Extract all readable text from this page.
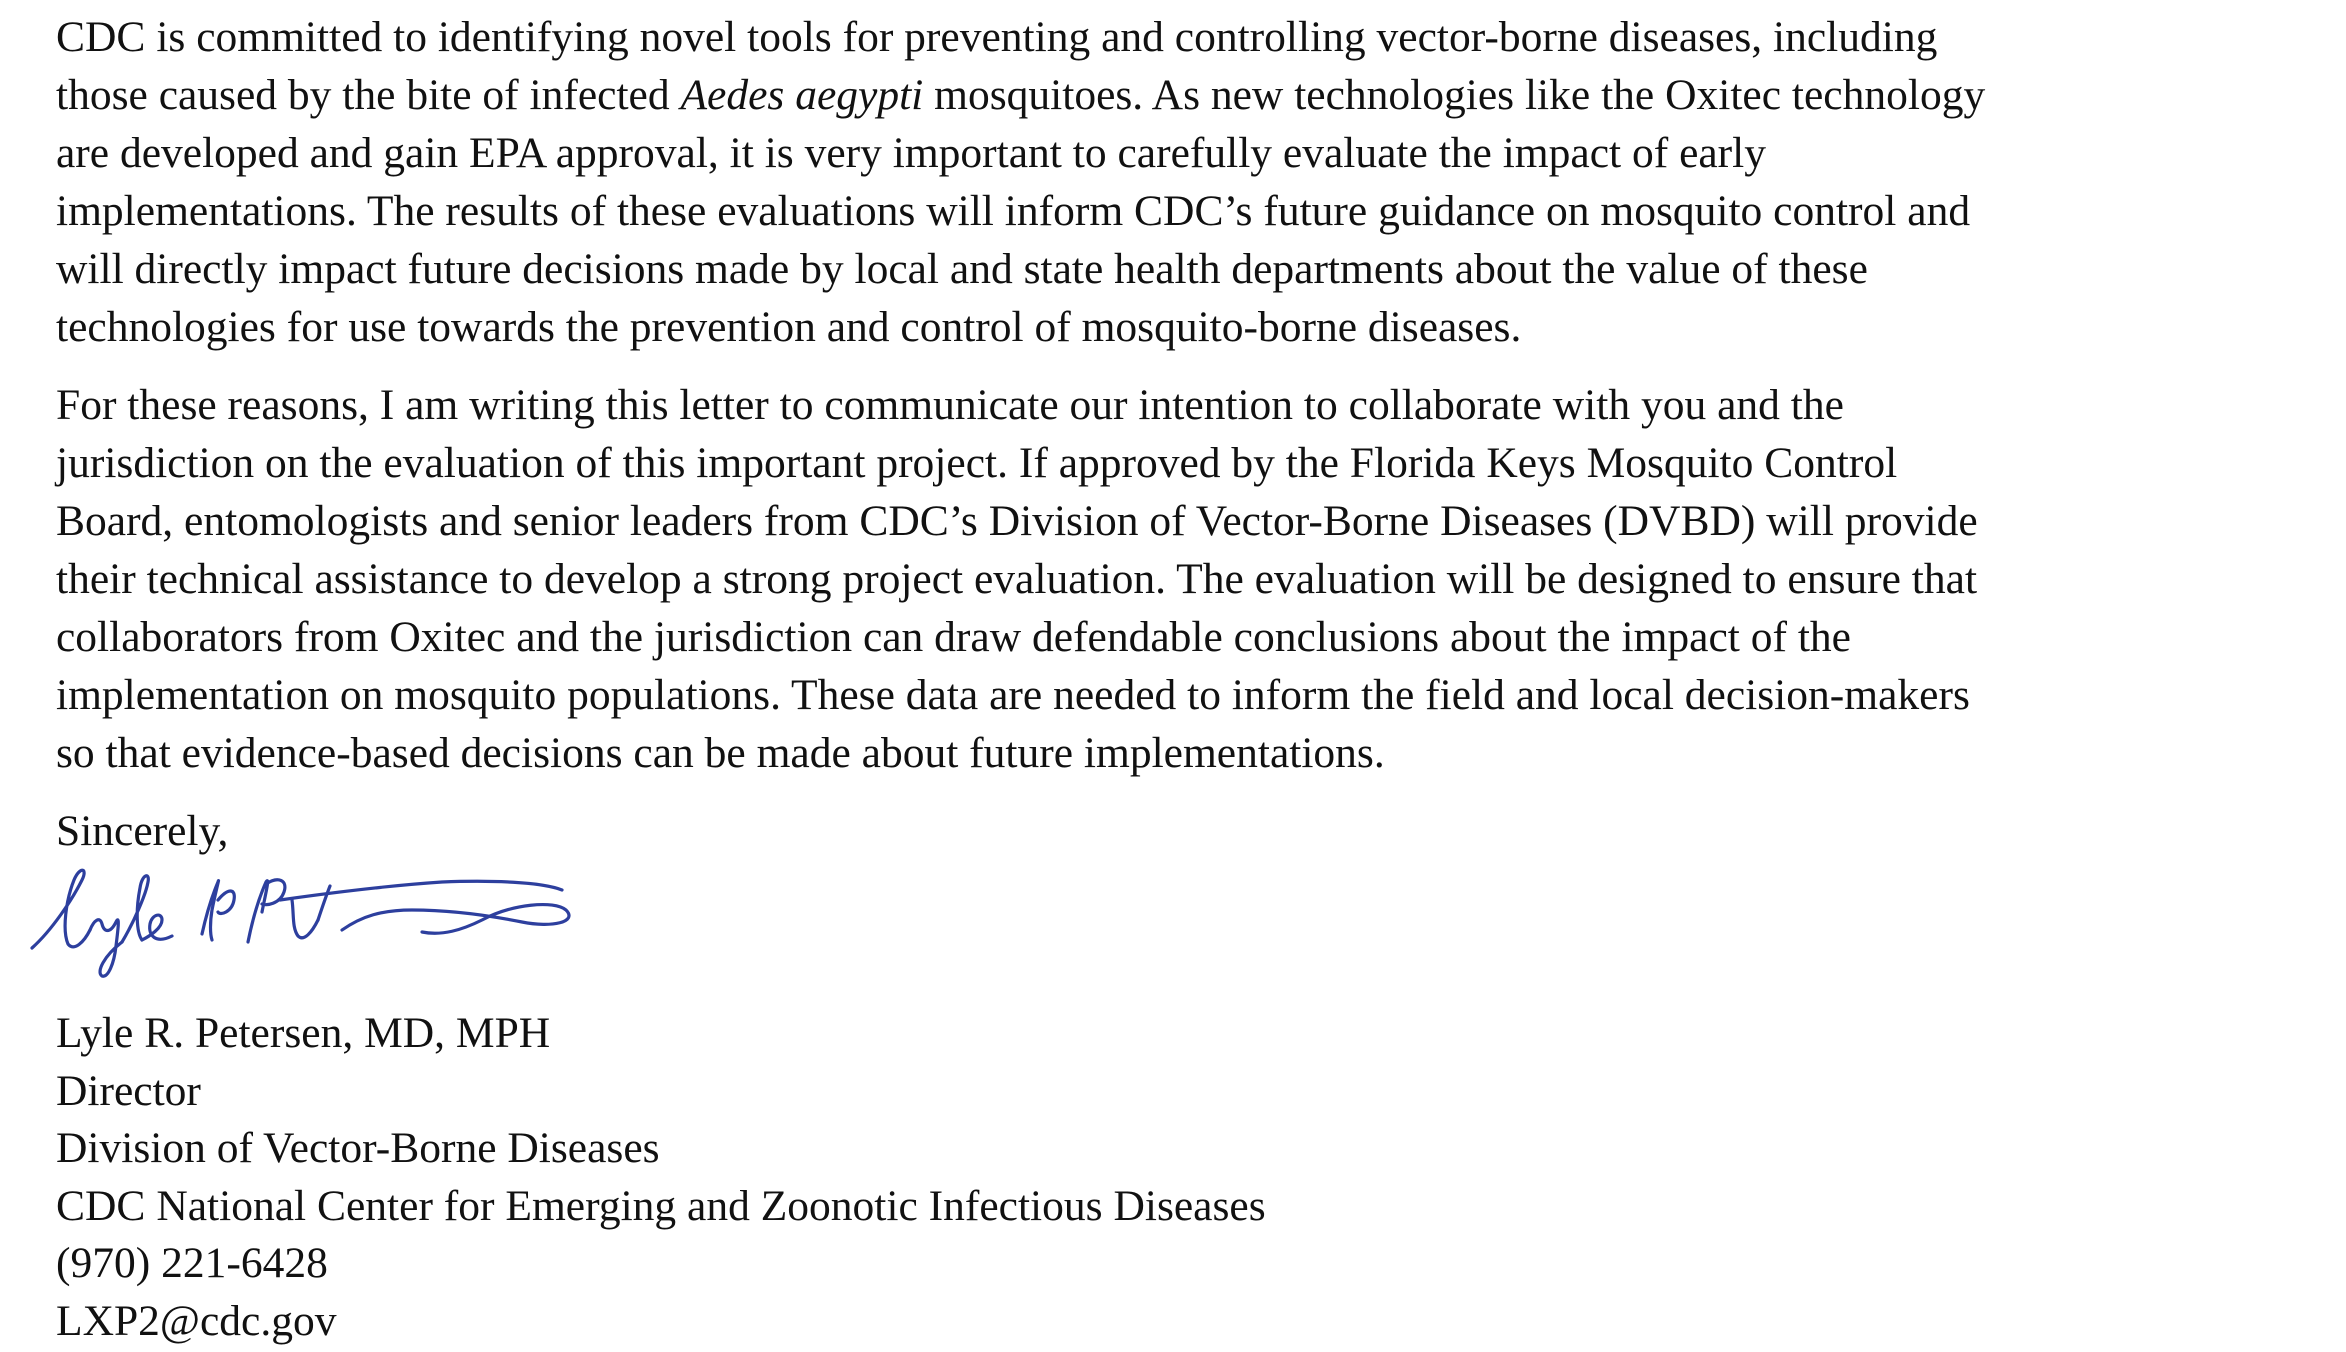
CDC is committed to identifying novel tools for preventing and controlling vector-borne diseases, including
those caused by the bite of infected Aedes aegypti mosquitoes. As new technologies like the Oxitec technology
are developed and gain EPA approval, it is very important to carefully evaluate the impact of early
implementations. The results of these evaluations will inform CDC’s future guidance on mosquito control and
will directly impact future decisions made by local and state health departments about the value of these
technologies for use towards the prevention and control of mosquito-borne diseases.

For these reasons, I am writing this letter to communicate our intention to collaborate with you and the
jurisdiction on the evaluation of this important project. If approved by the Florida Keys Mosquito Control
Board, entomologists and senior leaders from CDC’s Division of Vector-Borne Diseases (DVBD) will provide
their technical assistance to develop a strong project evaluation. The evaluation will be designed to ensure that
collaborators from Oxitec and the jurisdiction can draw defendable conclusions about the impact of the
implementation on mosquito populations. These data are needed to inform the field and local decision-makers
so that evidence-based decisions can be made about future implementations.

Sincerely,

Lyle R. Petersen, MD, MPH
Director
Division of Vector-Borne Diseases
CDC National Center for Emerging and Zoonotic Infectious Diseases
(970) 221-6428
LXP2@cdc.gov
